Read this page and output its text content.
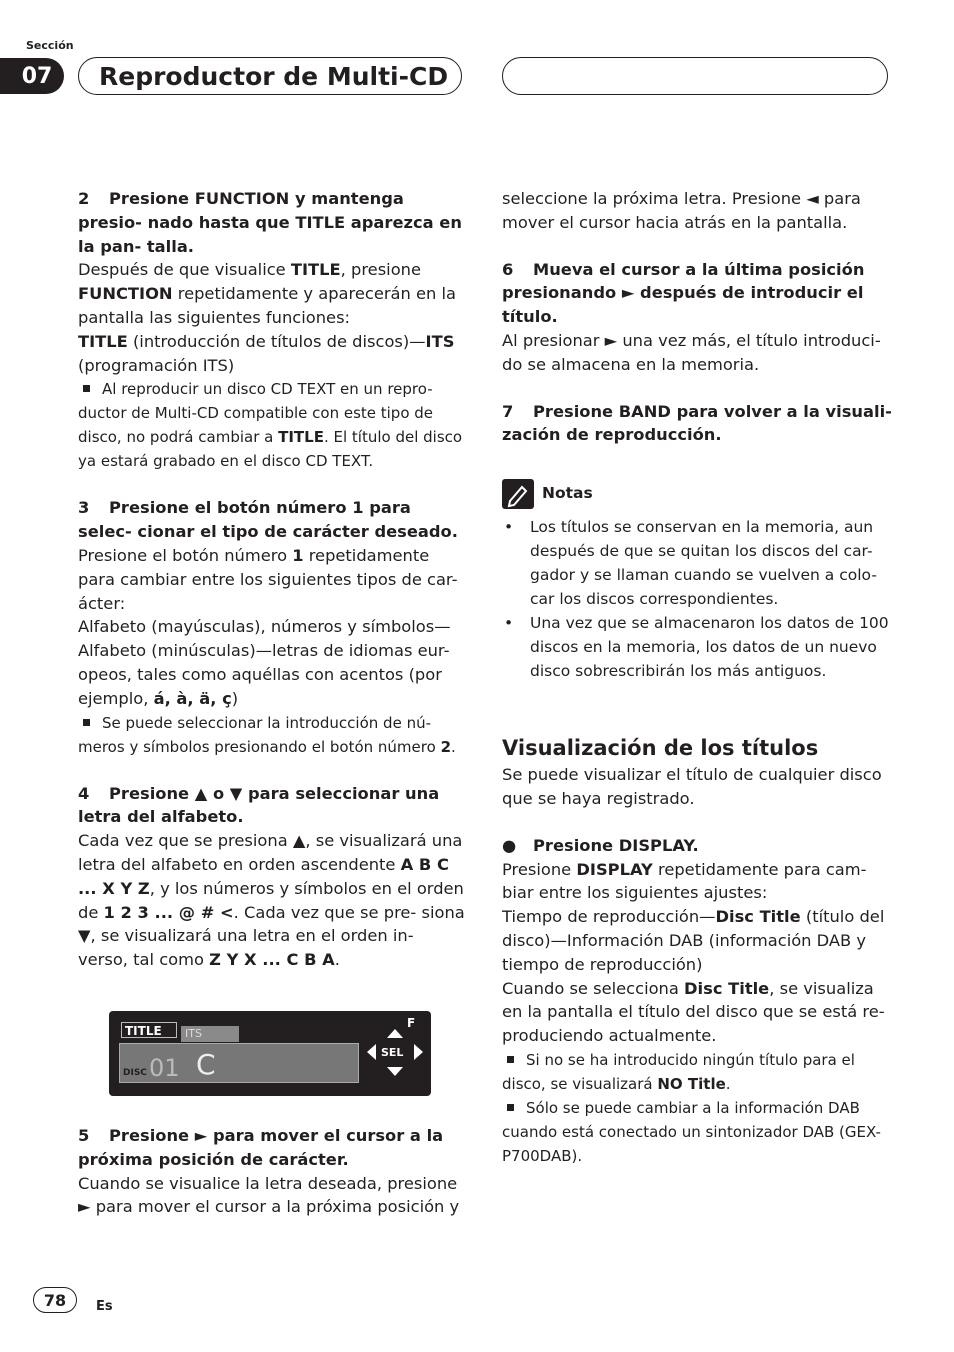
Sección
07	Reproductor de Multi-CD

2 Presione FUNCTION y mantenga presio- nado hasta que TITLE aparezca en la pan- talla.

Después de que visualice TITLE, presione FUNCTION repetidamente y aparecerán en la pantalla las siguientes funciones:

TITLE (introducción de títulos de discos)—ITS (programación ITS)

Al reproducir un disco CD TEXT en un repro- ductor de Multi-CD compatible con este tipo de disco, no podrá cambiar a TITLE. El título del disco ya estará grabado en el disco CD TEXT.

3 Presione el botón número 1 para selec- cionar el tipo de carácter deseado.

Presione el botón número 1 repetidamente para cambiar entre los siguientes tipos de car- ácter:

Alfabeto (mayúsculas), números y símbolos—Alfabeto (minúsculas)—letras de idiomas eur- opeos, tales como aquéllas con acentos (por ejemplo, á, à, ä, ç)

Se puede seleccionar la introducción de nú- meros y símbolos presionando el botón número 2.

4 Presione ▲ o ▼ para seleccionar una letra del alfabeto.

Cada vez que se presiona ▲, se visualizará una letra del alfabeto en orden ascendente A B C ... X Y Z, y los números y símbolos en el orden de 1 2 3 ... @ # <. Cada vez que se pre- siona ▼, se visualizará una letra en el orden in- verso, tal como Z Y X ... C B A.

TITLE	ITS
DISC 01 C
F
SEL

5 Presione ► para mover el cursor a la próxima posición de carácter.

Cuando se visualice la letra deseada, presione ► para mover el cursor a la próxima posición y

seleccione la próxima letra. Presione ◄ para mover el cursor hacia atrás en la pantalla.

6 Mueva el cursor a la última posición presionando ► después de introducir el título.

Al presionar ► una vez más, el título introduci- do se almacena en la memoria.

7 Presione BAND para volver a la visuali- zación de reproducción.

Notas
•	Los títulos se conservan en la memoria, aun después de que se quitan los discos del car- gador y se llaman cuando se vuelven a colo- car los discos correspondientes.
•	Una vez que se almacenaron los datos de 100 discos en la memoria, los datos de un nuevo disco sobrescribirán los más antiguos.

Visualización de los títulos

Se puede visualizar el título de cualquier disco que se haya registrado.

● Presione DISPLAY.

Presione DISPLAY repetidamente para cam- biar entre los siguientes ajustes:

Tiempo de reproducción—Disc Title (título del disco)—Información DAB (información DAB y tiempo de reproducción)

Cuando se selecciona Disc Title, se visualiza en la pantalla el título del disco que se está re- produciendo actualmente.

Si no se ha introducido ningún título para el disco, se visualizará NO Title.

Sólo se puede cambiar a la información DAB cuando está conectado un sintonizador DAB (GEX-P700DAB).

78	Es
